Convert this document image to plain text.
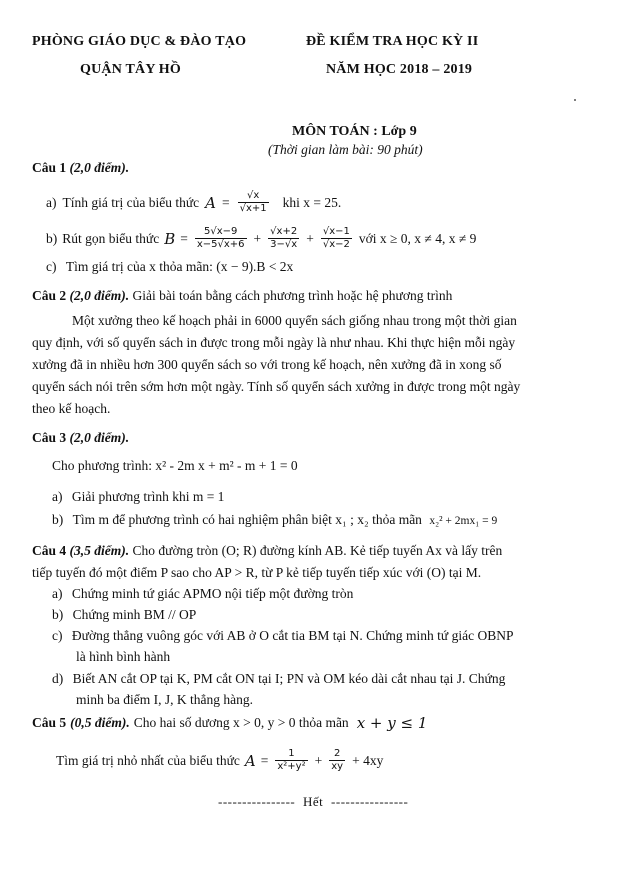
PHÒNG GIÁO DỤC & ĐÀO TẠO
QUẬN TÂY HỒ
ĐỀ KIỂM TRA HỌC KỲ II
NĂM HỌC 2018 – 2019
MÔN TOÁN : Lớp 9
(Thời gian làm bài: 90 phút)
Câu 1 (2,0 điểm).
a) Tính giá trị của biểu thức $A = \frac{√x}{√x+1}$ khi x = 25.
b) Rút gọn biểu thức $B = \frac{5√x-9}{x-5√x+6} + \frac{√x+2}{3-√x} + \frac{√x-1}{√x-2}$ với x ≥ 0, x ≠ 4, x ≠ 9
c) Tìm giá trị của x thỏa mãn: (x − 9).B < 2x
Câu 2 (2,0 điểm). Giải bài toán bằng cách phương trình hoặc hệ phương trình
Một xưởng theo kế hoạch phải in 6000 quyển sách giống nhau trong một thời gian
quy định, với số quyển sách in được trong mỗi ngày là như nhau. Khi thực hiện mỗi ngày
xưởng đã in nhiều hơn 300 quyển sách so với trong kế hoạch, nên xưởng đã in xong số
quyển sách nói trên sớm hơn một ngày. Tính số quyển sách xưởng in được trong một ngày
theo kế hoạch.
Câu 3 (2,0 điểm).
Cho phương trình: x² - 2m x + m² - m + 1 = 0
a) Giải phương trình khi m = 1
b) Tìm m để phương trình có hai nghiệm phân biệt x₁ ; x₂ thỏa mãn x₂² + 2mx₁ = 9
Câu 4 (3,5 điểm). Cho đường tròn (O; R) đường kính AB. Kẻ tiếp tuyến Ax và lấy trên
tiếp tuyến đó một điểm P sao cho AP > R, từ P kẻ tiếp tuyến tiếp xúc với (O) tại M.
a) Chứng minh tứ giác APMO nội tiếp một đường tròn
b) Chứng minh BM // OP
c) Đường thẳng vuông góc với AB ở O cắt tia BM tại N. Chứng minh tứ giác OBNP
là hình bình hành
d) Biết AN cắt OP tại K, PM cắt ON tại I; PN và OM kéo dài cắt nhau tại J. Chứng
minh ba điểm I, J, K thẳng hàng.
Câu 5 (0,5 điểm). Cho hai số dương x > 0, y > 0 thỏa mãn x + y ≤ 1
Tìm giá trị nhỏ nhất của biểu thức $A = \frac{1}{\text{x²+y²}} + \frac{2}{xy} + 4xy$
---------------- Hết ----------------
